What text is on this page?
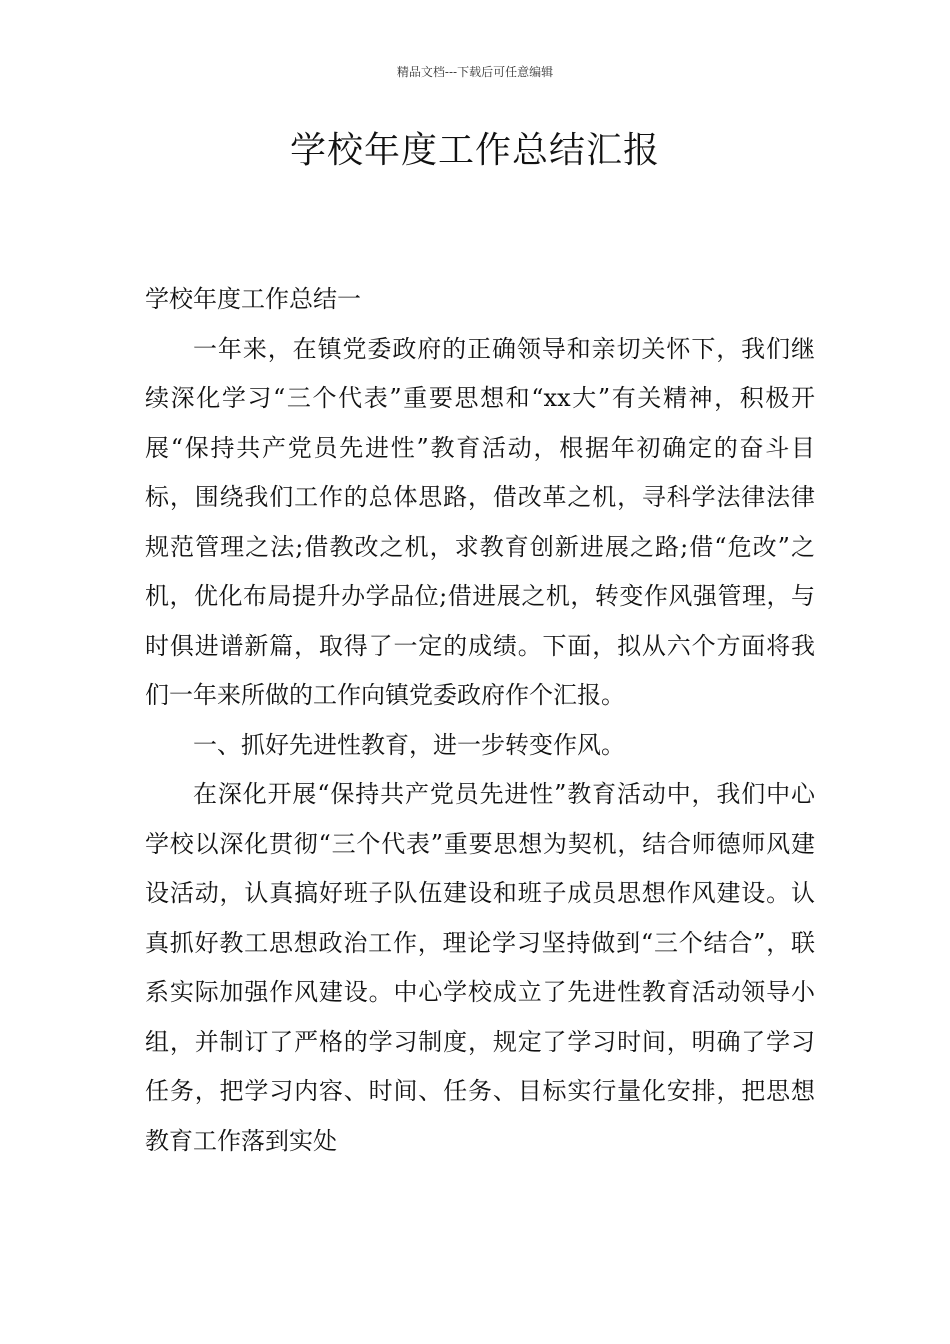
精品文档---下载后可任意编辑
学校年度工作总结汇报

学校年度工作总结一

一年来，在镇党委政府的正确领导和亲切关怀下，我们继续深化学习“三个代表”重要思想和“xx大”有关精神，积极开展“保持共产党员先进性”教育活动，根据年初确定的奋斗目标，围绕我们工作的总体思路，借改革之机，寻科学法律法律规范管理之法;借教改之机，求教育创新进展之路;借“危改”之机，优化布局提升办学品位;借进展之机，转变作风强管理，与时俱进谱新篇，取得了一定的成绩。下面，拟从六个方面将我们一年来所做的工作向镇党委政府作个汇报。

一、抓好先进性教育，进一步转变作风。

在深化开展“保持共产党员先进性”教育活动中，我们中心学校以深化贯彻“三个代表”重要思想为契机，结合师德师风建设活动，认真搞好班子队伍建设和班子成员思想作风建设。认真抓好教工思想政治工作，理论学习坚持做到“三个结合”，联系实际加强作风建设。中心学校成立了先进性教育活动领导小组，并制订了严格的学习制度，规定了学习时间，明确了学习任务，把学习内容、时间、任务、目标实行量化安排，把思想教育工作落到实处
